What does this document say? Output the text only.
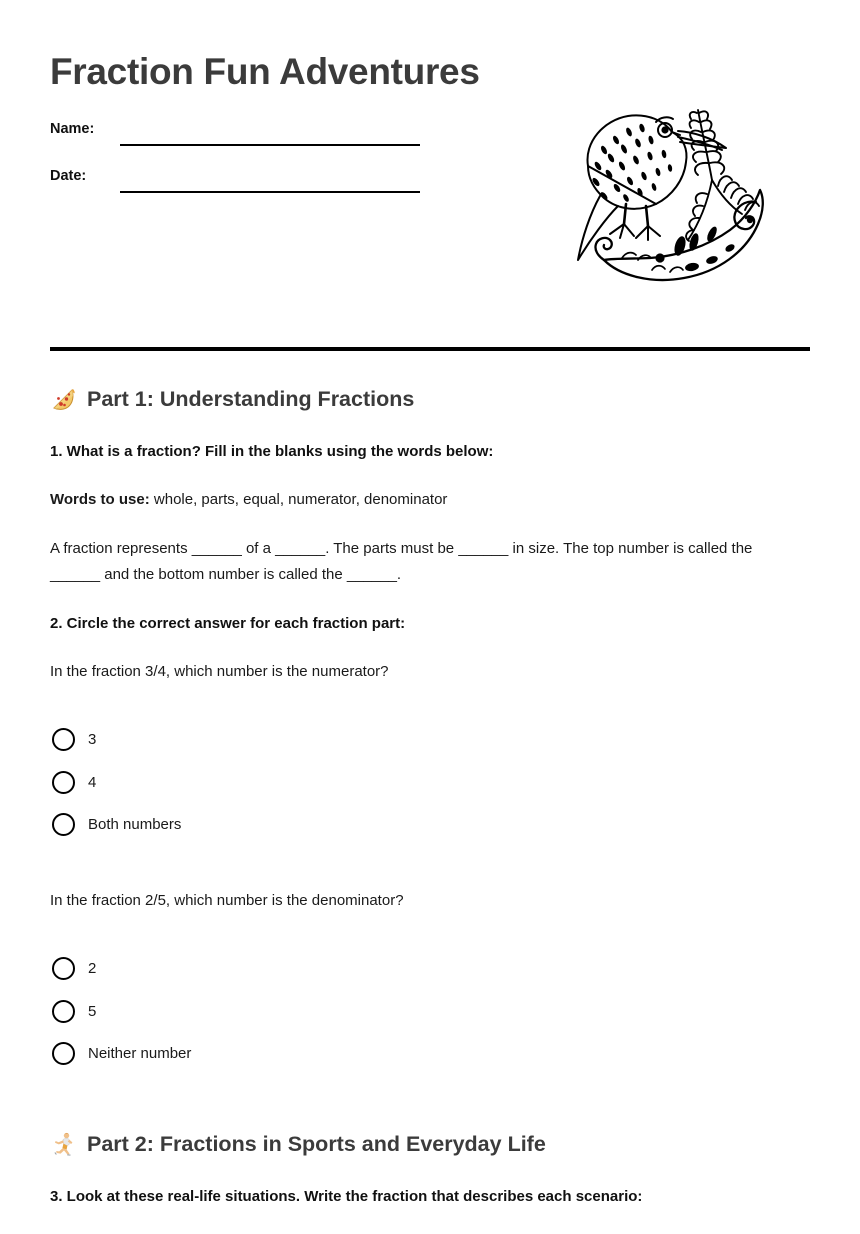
Fraction Fun Adventures
Name:
Date:
Part 1: Understanding Fractions

1. What is a fraction? Fill in the blanks using the words below:

Words to use: whole, parts, equal, numerator, denominator

A fraction represents ______ of a ______. The parts must be ______ in size. The top number is called the ______ and the bottom number is called the ______.

2. Circle the correct answer for each fraction part:

In the fraction 3/4, which number is the numerator?

3
4
Both numbers

In the fraction 2/5, which number is the denominator?

2
5
Neither number
Part 2: Fractions in Sports and Everyday Life

3. Look at these real-life situations. Write the fraction that describes each scenario:
